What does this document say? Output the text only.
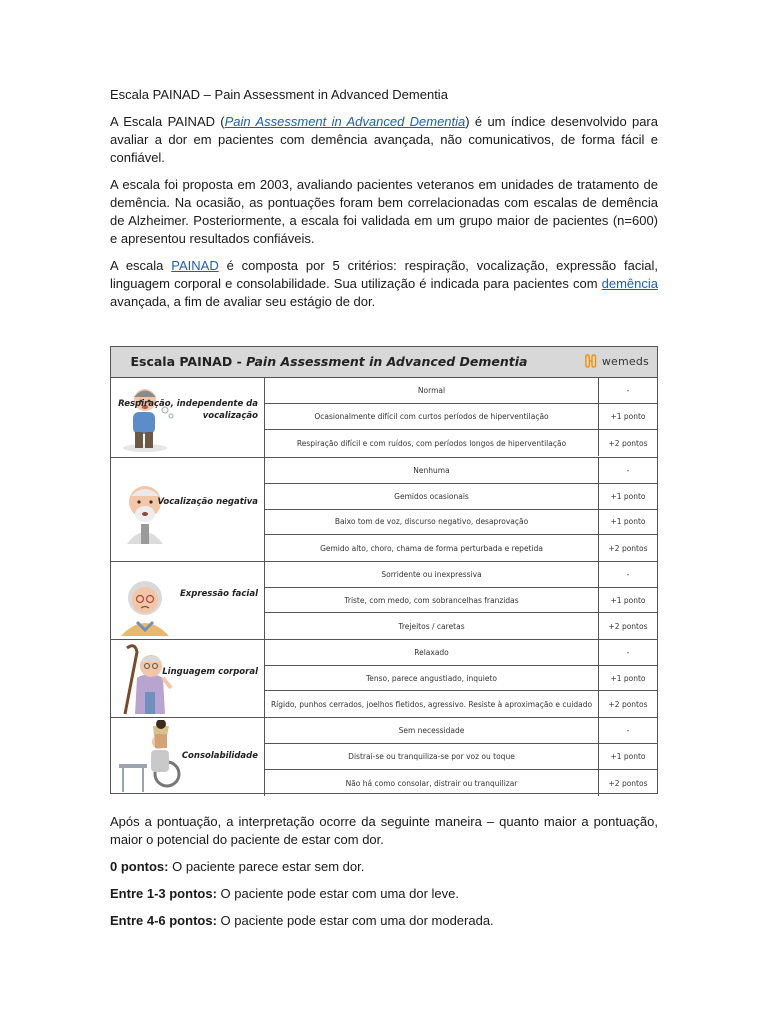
Escala PAINAD – Pain Assessment in Advanced Dementia

A Escala PAINAD (Pain Assessment in Advanced Dementia) é um índice desenvolvido para avaliar a dor em pacientes com demência avançada, não comunicativos, de forma fácil e confiável.

A escala foi proposta em 2003, avaliando pacientes veteranos em unidades de tratamento de demência. Na ocasião, as pontuações foram bem correlacionadas com escalas de demência de Alzheimer. Posteriormente, a escala foi validada em um grupo maior de pacientes (n=600) e apresentou resultados confiáveis.

A escala PAINAD é composta por 5 critérios: respiração, vocalização, expressão facial, linguagem corporal e consolabilidade. Sua utilização é indicada para pacientes com demência avançada, a fim de avaliar seu estágio de dor.

Escala PAINAD - Pain Assessment in Advanced Dementia	wemeds
Respiração, independente da vocalização
Normal	-
Ocasionalmente difícil com curtos períodos de hiperventilação	+1 ponto
Respiração difícil e com ruídos, com períodos longos de hiperventilação	+2 pontos
Vocalização negativa
Nenhuma	-
Gemidos ocasionais	+1 ponto
Baixo tom de voz, discurso negativo, desaprovação	+1 ponto
Gemido alto, choro, chama de forma perturbada e repetida	+2 pontos
Expressão facial
Sorridente ou inexpressiva	-
Triste, com medo, com sobrancelhas franzidas	+1 ponto
Trejeitos / caretas	+2 pontos
Linguagem corporal
Relaxado	-
Tenso, parece angustiado, inquieto	+1 ponto
Rígido, punhos cerrados, joelhos fletidos, agressivo. Resiste à aproximação e cuidado	+2 pontos
Consolabilidade
Sem necessidade	-
Distrai-se ou tranquiliza-se por voz ou toque	+1 ponto
Não há como consolar, distrair ou tranquilizar	+2 pontos

Após a pontuação, a interpretação ocorre da seguinte maneira – quanto maior a pontuação, maior o potencial do paciente de estar com dor.

0 pontos: O paciente parece estar sem dor.

Entre 1-3 pontos: O paciente pode estar com uma dor leve.

Entre 4-6 pontos: O paciente pode estar com uma dor moderada.
